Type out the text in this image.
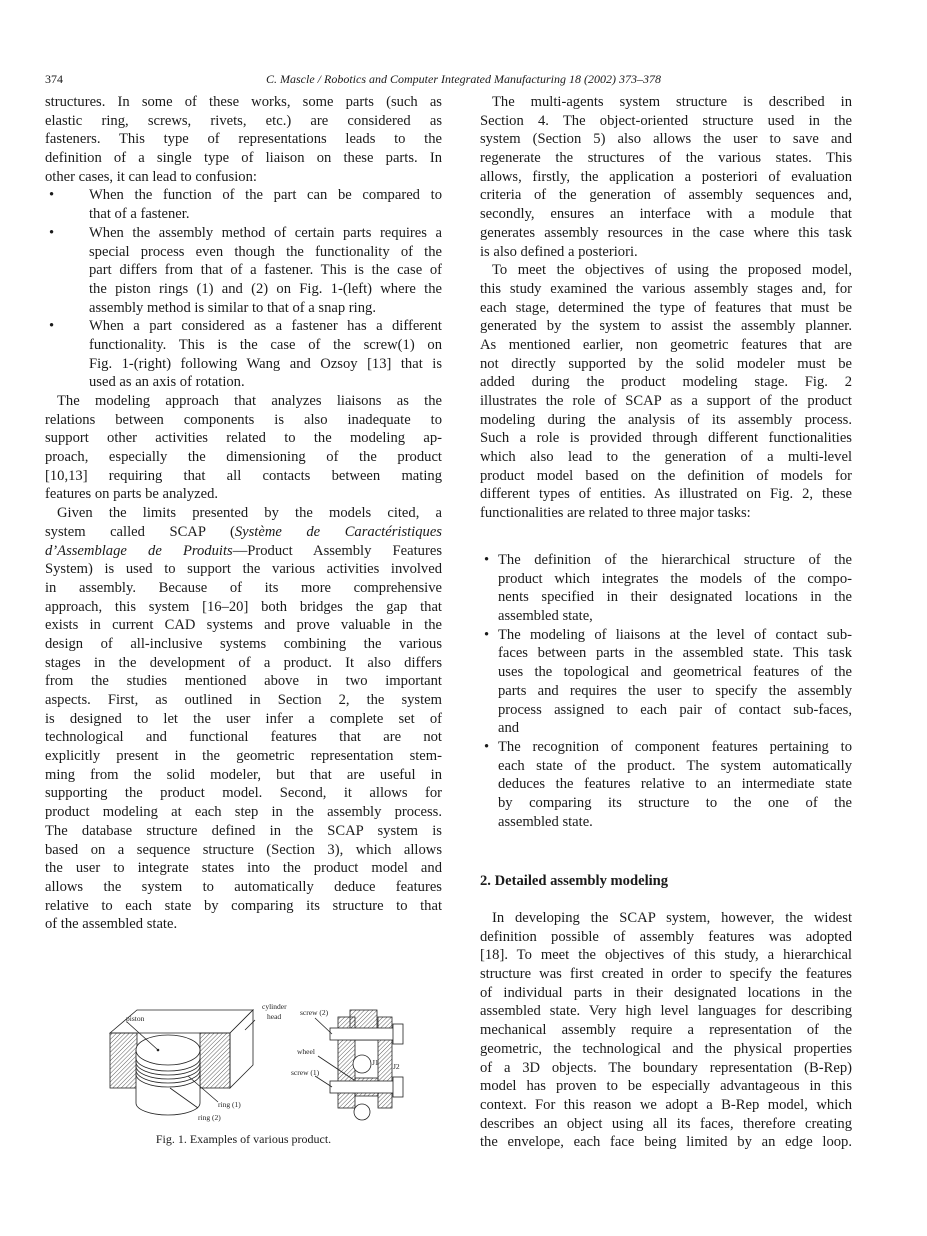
374	C. Mascle / Robotics and Computer Integrated Manufacturing 18 (2002) 373–378
structures. In some of these works, some parts (such as
elastic ring, screws, rivets, etc.) are considered as
fasteners. This type of representations leads to the
definition of a single type of liaison on these parts. In
other cases, it can lead to confusion:
• When the function of the part can be compared to
that of a fastener.
• When the assembly method of certain parts requires a
special process even though the functionality of the
part differs from that of a fastener. This is the case of
the piston rings (1) and (2) on Fig. 1-(left) where the
assembly method is similar to that of a snap ring.
• When a part considered as a fastener has a different
functionality. This is the case of the screw(1) on
Fig. 1-(right) following Wang and Ozsoy [13] that is
used as an axis of rotation.
The modeling approach that analyzes liaisons as the
relations between components is also inadequate to
support other activities related to the modeling ap-
proach, especially the dimensioning of the product
[10,13] requiring that all contacts between mating
features on parts be analyzed.
Given the limits presented by the models cited, a
system called SCAP (Système de Caractéristiques
d’Assemblage de Produits—Product Assembly Features
System) is used to support the various activities involved
in assembly. Because of its more comprehensive
approach, this system [16–20] both bridges the gap that
exists in current CAD systems and prove valuable in the
design of all-inclusive systems combining the various
stages in the development of a product. It also differs
from the studies mentioned above in two important
aspects. First, as outlined in Section 2, the system
is designed to let the user infer a complete set of
technological and functional features that are not
explicitly present in the geometric representation stem-
ming from the solid modeler, but that are useful in
supporting the product model. Second, it allows for
product modeling at each step in the assembly process.
The database structure defined in the SCAP system is
based on a sequence structure (Section 3), which allows
the user to integrate states into the product model and
allows the system to automatically deduce features
relative to each state by comparing its structure to that
of the assembled state.
The multi-agents system structure is described in
Section 4. The object-oriented structure used in the
system (Section 5) also allows the user to save and
regenerate the structures of the various states. This
allows, firstly, the application a posteriori of evaluation
criteria of the generation of assembly sequences and,
secondly, ensures an interface with a module that
generates assembly resources in the case where this task
is also defined a posteriori.
To meet the objectives of using the proposed model,
this study examined the various assembly stages and, for
each stage, determined the type of features that must be
generated by the system to assist the assembly planner.
As mentioned earlier, non geometric features that are
not directly supported by the solid modeler must be
added during the product modeling stage. Fig. 2
illustrates the role of SCAP as a support of the product
modeling during the analysis of its assembly process.
Such a role is provided through different functionalities
which also lead to the generation of a multi-level
product model based on the definition of models for
different types of entities. As illustrated on Fig. 2, these
functionalities are related to three major tasks:
• The definition of the hierarchical structure of the
product which integrates the models of the compo-
nents specified in their designated locations in the
assembled state,
• The modeling of liaisons at the level of contact sub-
faces between parts in the assembled state. This task
uses the topological and geometrical features of the
parts and requires the user to specify the assembly
process assigned to each pair of contact sub-faces,
and
• The recognition of component features pertaining to
each state of the product. The system automatically
deduces the features relative to an intermediate state
by comparing its structure to the one of the
assembled state.
2. Detailed assembly modeling
In developing the SCAP system, however, the widest
definition possible of assembly features was adopted
[18]. To meet the objectives of this study, a hierarchical
structure was first created in order to specify the features
of individual parts in their designated locations in the
assembled state. Very high level languages for describing
mechanical assembly require a representation of the
geometric, the technological and the physical properties
of a 3D objects. The boundary representation (B-Rep)
model has proven to be especially advantageous in this
context. For this reason we adopt a B-Rep model, which
describes an object using all its faces, therefore creating
the envelope, each face being limited by an edge loop.
piston
cylinder
head	screw (2)
wheel
screw (1)
J1 J2
ring (1)
ring (2)
Fig. 1. Examples of various product.
